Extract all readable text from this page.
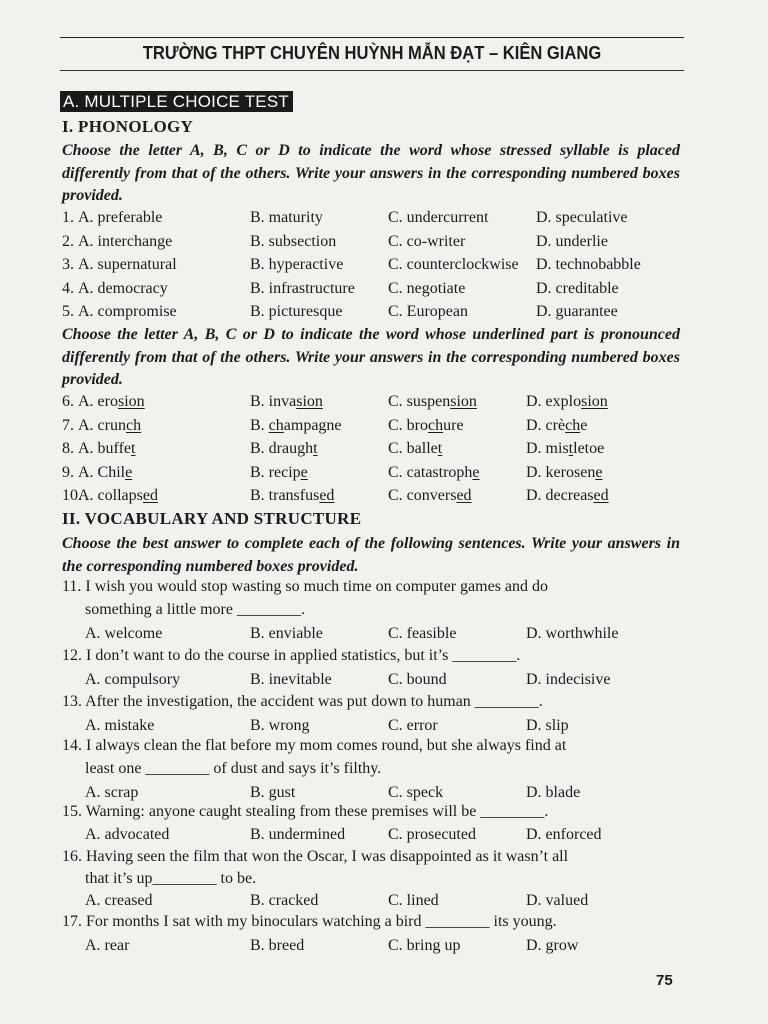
TRƯỜNG THPT CHUYÊN HUỲNH MẪN ĐẠT – KIÊN GIANG
A. MULTIPLE CHOICE TEST
I. PHONOLOGY
Choose the letter A, B, C or D to indicate the word whose stressed syllable is placed differently from that of the others. Write your answers in the corresponding numbered boxes provided.
1. A. preferable	B. maturity	C. undercurrent	D. speculative
2. A. interchange	B. subsection	C. co-writer	D. underlie
3. A. supernatural	B. hyperactive	C. counterclockwise D. technobabble
4. A. democracy	B. infrastructure C. negotiate	D. creditable
5. A. compromise	B. picturesque	C. European	D. guarantee
Choose the letter A, B, C or D to indicate the word whose underlined part is pronounced differently from that of the others. Write your answers in the corresponding numbered boxes provided.
6. A. erosion	B. invasion	C. suspension	D. explosion
7. A. crunch	B. champagne	C. brochure	D. crèche
8. A. buffet	B. draught	C. ballet	D. mistletoe
9. A. Chile	B. recipe	C. catastrophe	D. kerosene
10.
A. collapsed	B. transfused	C. conversed	D. decreased
II. VOCABULARY AND STRUCTURE
Choose the best answer to complete each of the following sentences. Write your answers in the corresponding numbered boxes provided.
11. I wish you would stop wasting so much time on computer games and do
something a little more ________.
A. welcome	B. enviable	C. feasible	D. worthwhile
12. I don’t want to do the course in applied statistics, but it’s ________.
A. compulsory	B. inevitable	C. bound	D. indecisive
13. After the investigation, the accident was put down to human ________.
A. mistake	B. wrong	C. error	D. slip
14. I always clean the flat before my mom comes round, but she always find at
least one ________ of dust and says it’s filthy.
A. scrap	B. gust	C. speck	D. blade
15. Warning: anyone caught stealing from these premises will be ________.
A. advocated	B. undermined	C. prosecuted	D. enforced
16. Having seen the film that won the Oscar, I was disappointed as it wasn’t all
that it’s up________ to be.
A. creased	B. cracked	C. lined	D. valued
17. For months I sat with my binoculars watching a bird ________ its young.
A. rear	B. breed	C. bring up	D. grow
75
